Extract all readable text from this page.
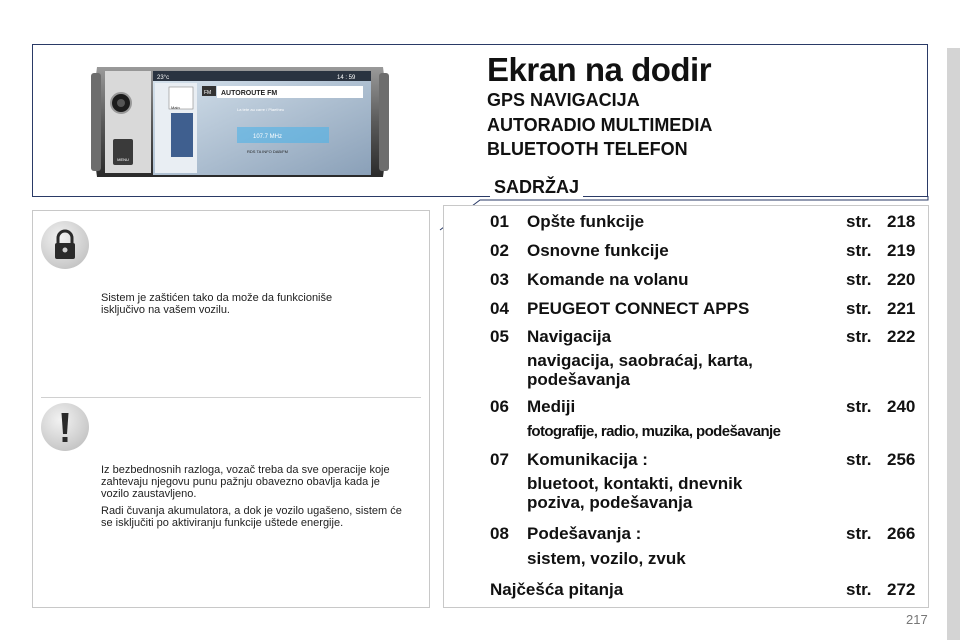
MENU
23°c	14 : 59
Main
FM AUTOROUTE FM
La tete au carre / Plaetheu
107.7 MHz
RDS TA INFO DAB/FM
Ekran na dodir
GPS NAVIGACIJA
AUTORADIO MULTIMEDIA
BLUETOOTH TELEFON

Sistem je zaštićen tako da može da funkcioniše isključivo na vašem vozilu.

Iz bezbednosnih razloga, vozač treba da sve operacije koje zahtevaju njegovu punu pažnju obavezno obavlja kada je vozilo zaustavljeno.

Radi čuvanja akumulatora, a dok je vozilo ugašeno, sistem će se isključiti po aktiviranju funkcije uštede energije.

SADRŽAJ
01 Opšte funkcije	str. 218
02 Osnovne funkcije	str. 219
03 Komande na volanu	str. 220
04 PEUGEOT CONNECT APPS	str. 221
05 Navigacija	str. 222
navigacija, saobraćaj, karta, podešavanja
06 Mediji	str. 240
fotografije, radio, muzika, podešavanje
07 Komunikacija :	str. 256
bluetoot, kontakti, dnevnik poziva, podešavanja
08 Podešavanja :	str. 266
sistem, vozilo, zvuk
Najčešća pitanja	str. 272
217
